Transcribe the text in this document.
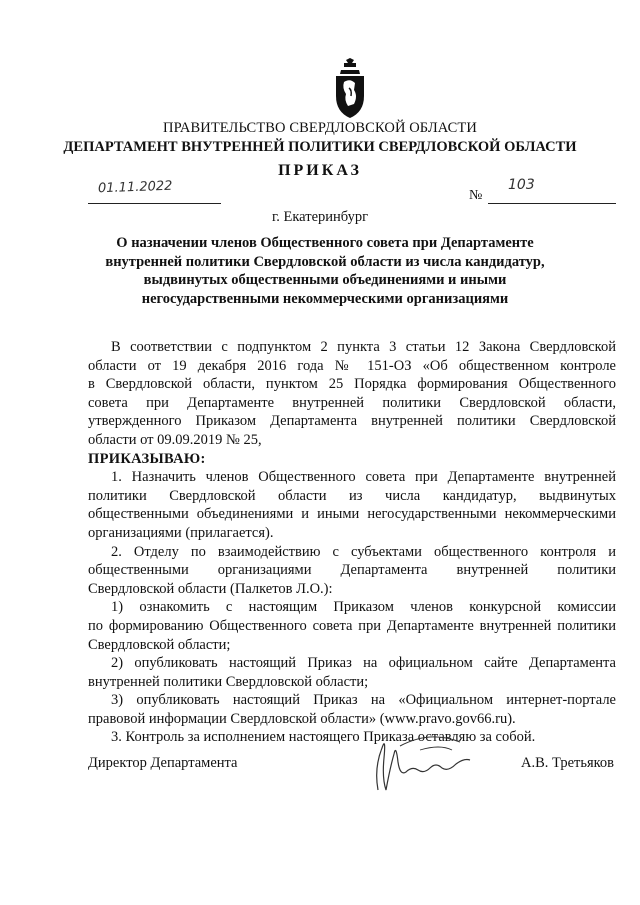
ПРАВИТЕЛЬСТВО СВЕРДЛОВСКОЙ ОБЛАСТИ
ДЕПАРТАМЕНТ ВНУТРЕННЕЙ ПОЛИТИКИ СВЕРДЛОВСКОЙ ОБЛАСТИ
ПРИКАЗ
01.11.2022	№
103
г. Екатеринбург
О назначении членов Общественного совета при Департаменте
внутренней политики Свердловской области из числа кандидатур,
выдвинутых общественными объединениями и иными
негосударственными некоммерческими организациями
В соответствии с подпунктом 2 пункта 3 статьи 12 Закона Свердловской
области от 19 декабря 2016 года № 151-ОЗ «Об общественном контроле
в Свердловской области, пунктом 25 Порядка формирования Общественного
совета при Департаменте внутренней политики Свердловской области,
утвержденного Приказом Департамента внутренней политики Свердловской
области от 09.09.2019 № 25,
ПРИКАЗЫВАЮ:
1. Назначить членов Общественного совета при Департаменте внутренней
политики Свердловской области из числа кандидатур, выдвинутых
общественными объединениями и иными негосударственными некоммерческими
организациями (прилагается).
2. Отделу по взаимодействию с субъектами общественного контроля и
общественными организациями Департамента внутренней политики
Свердловской области (Палкетов Л.О.):
1) ознакомить с настоящим Приказом членов конкурсной комиссии
по формированию Общественного совета при Департаменте внутренней политики
Свердловской области;
2) опубликовать настоящий Приказ на официальном сайте Департамента
внутренней политики Свердловской области;
3) опубликовать настоящий Приказ на «Официальном интернет-портале
правовой информации Свердловской области» (www.pravo.gov66.ru).
3. Контроль за исполнением настоящего Приказа оставляю за собой.
Директор Департамента	А.В. Третьяков
